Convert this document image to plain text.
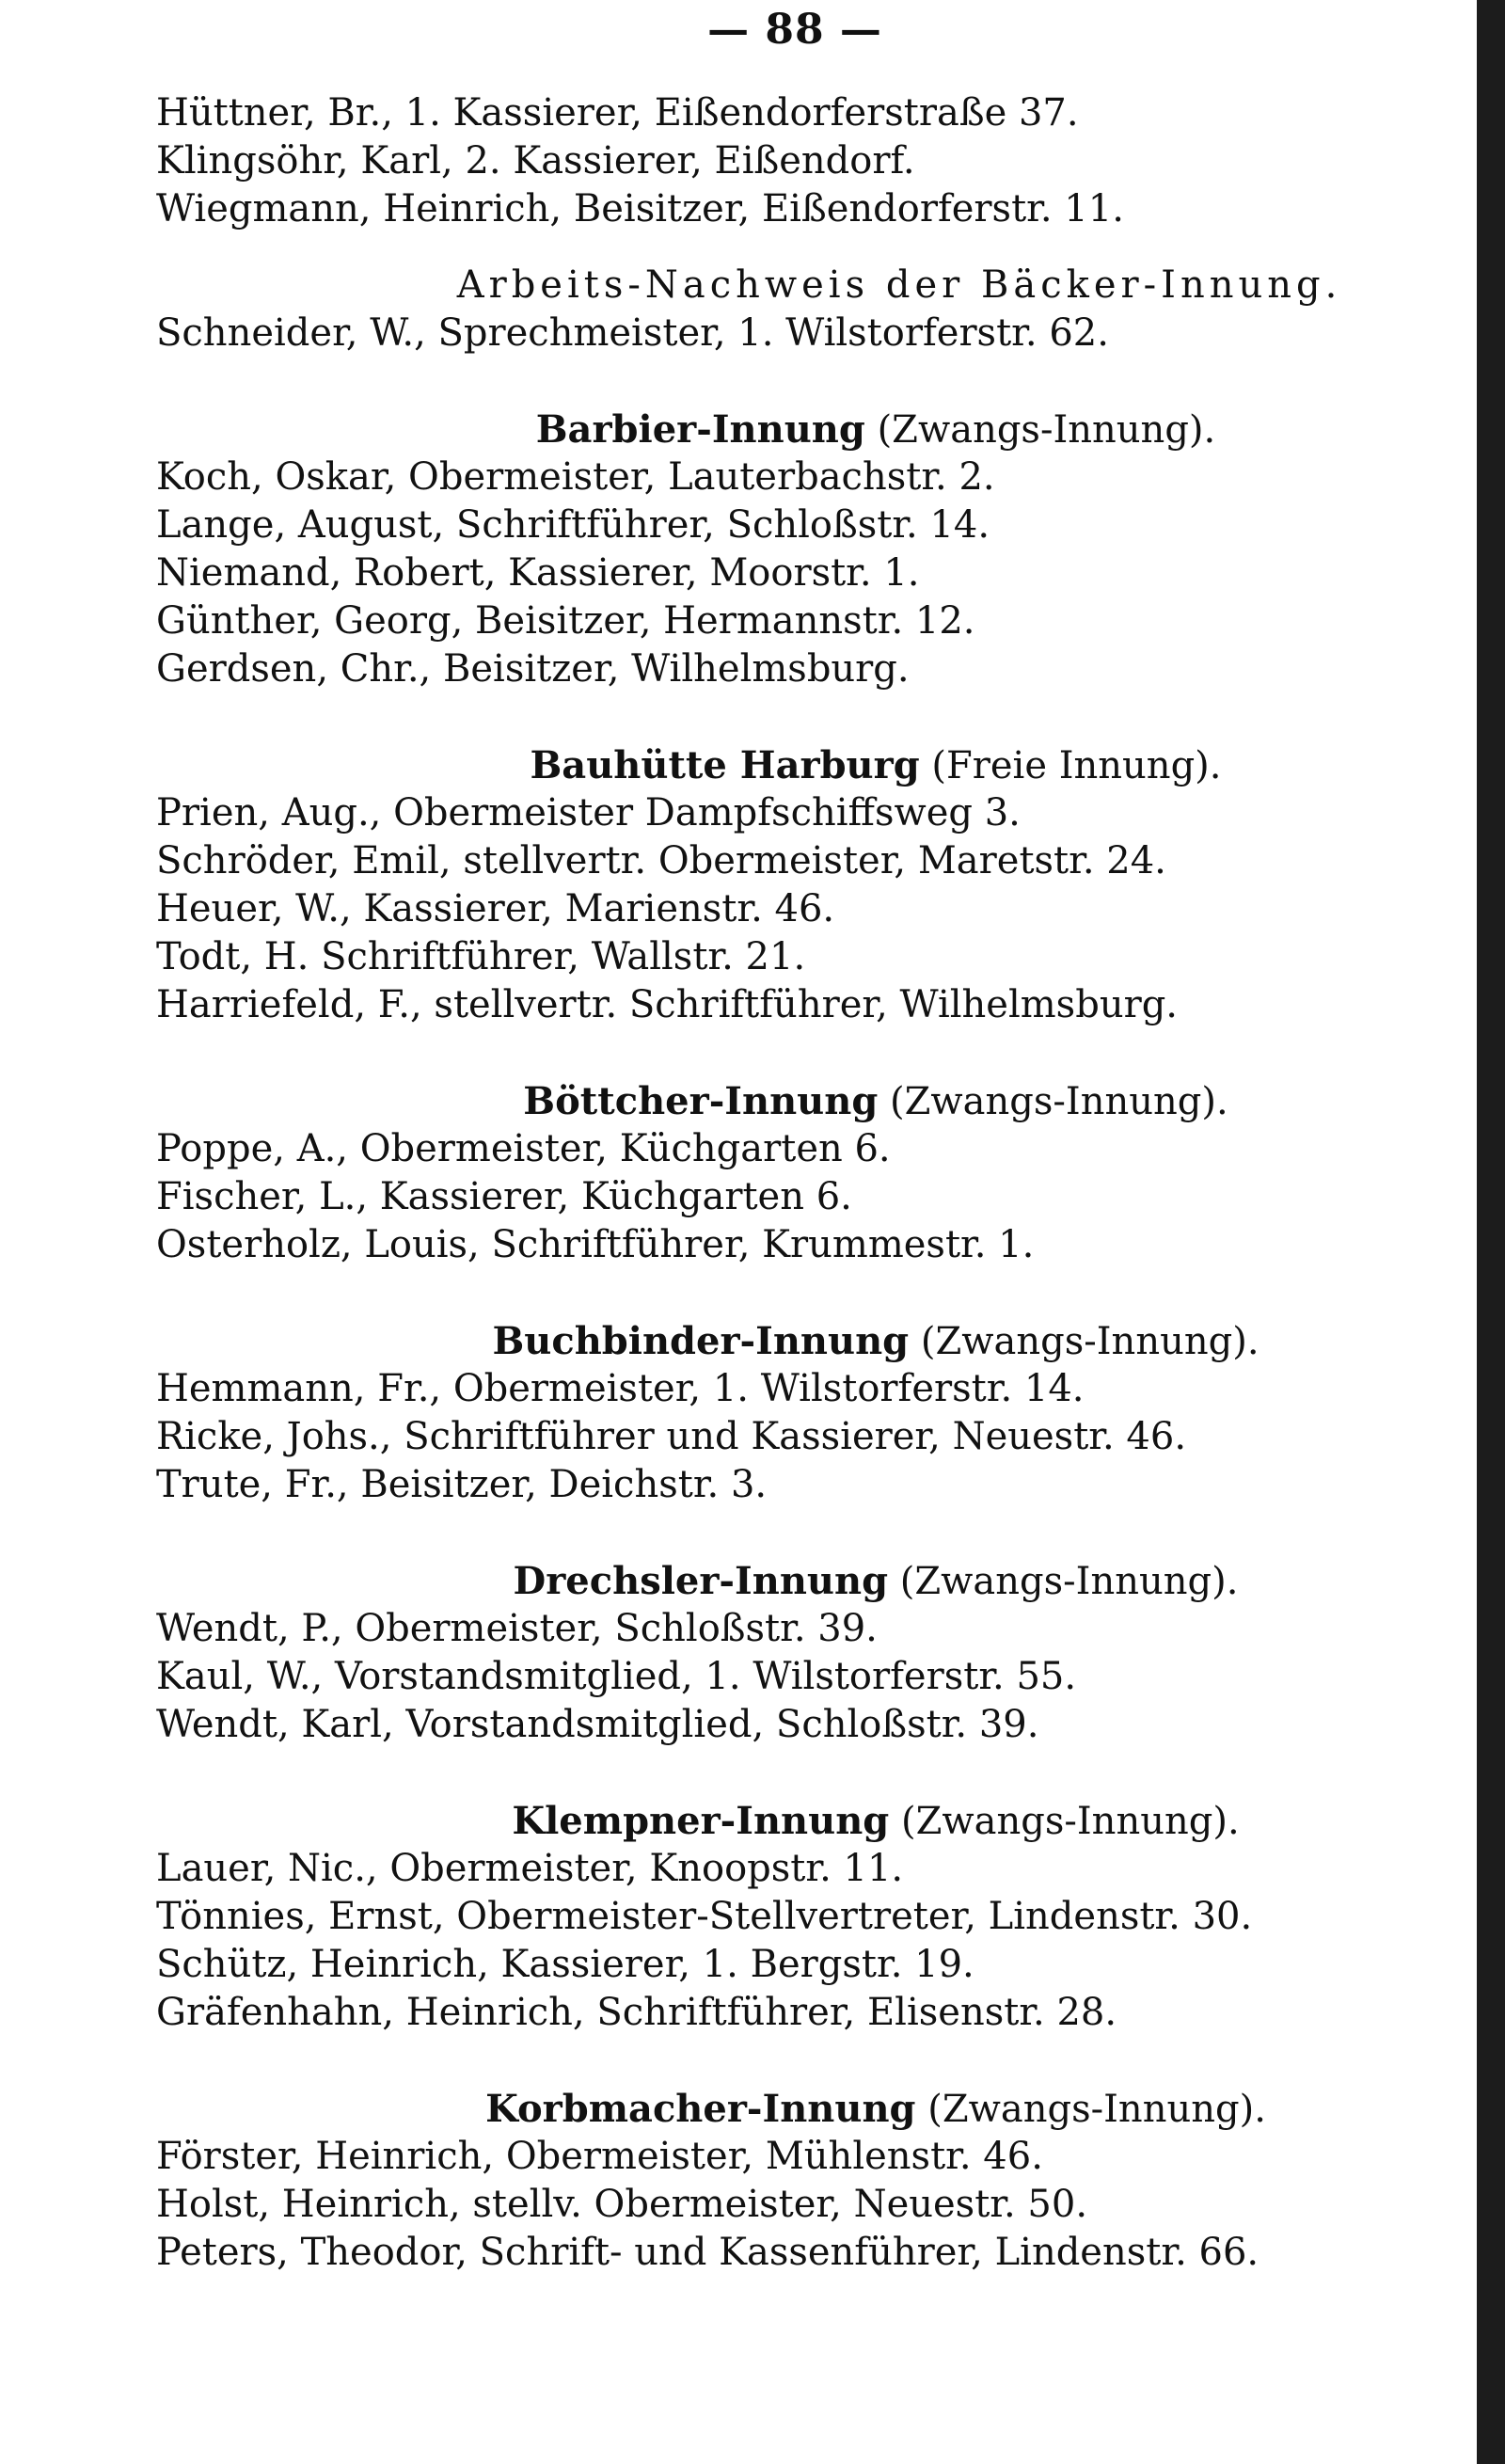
— 88 —
Hüttner, Br., 1. Kassierer, Eißendorferstraße 37.
Klingsöhr, Karl, 2. Kassierer, Eißendorf.
Wiegmann, Heinrich, Beisitzer, Eißendorferstr. 11.
Arbeits-Nachweis der Bäcker-Innung.
Schneider, W., Sprechmeister, 1. Wilstorferstr. 62.
Barbier-Innung (Zwangs-Innung).
Koch, Oskar, Obermeister, Lauterbachstr. 2.
Lange, August, Schriftführer, Schloßstr. 14.
Niemand, Robert, Kassierer, Moorstr. 1.
Günther, Georg, Beisitzer, Hermannstr. 12.
Gerdsen, Chr., Beisitzer, Wilhelmsburg.
Bauhütte Harburg (Freie Innung).
Prien, Aug., Obermeister Dampfschiffsweg 3.
Schröder, Emil, stellvertr. Obermeister, Maretstr. 24.
Heuer, W., Kassierer, Marienstr. 46.
Todt, H. Schriftführer, Wallstr. 21.
Harriefeld, F., stellvertr. Schriftführer, Wilhelmsburg.
Böttcher-Innung (Zwangs-Innung).
Poppe, A., Obermeister, Küchgarten 6.
Fischer, L., Kassierer, Küchgarten 6.
Osterholz, Louis, Schriftführer, Krummestr. 1.
Buchbinder-Innung (Zwangs-Innung).
Hemmann, Fr., Obermeister, 1. Wilstorferstr. 14.
Ricke, Johs., Schriftführer und Kassierer, Neuestr. 46.
Trute, Fr., Beisitzer, Deichstr. 3.
Drechsler-Innung (Zwangs-Innung).
Wendt, P., Obermeister, Schloßstr. 39.
Kaul, W., Vorstandsmitglied, 1. Wilstorferstr. 55.
Wendt, Karl, Vorstandsmitglied, Schloßstr. 39.
Klempner-Innung (Zwangs-Innung).
Lauer, Nic., Obermeister, Knoopstr. 11.
Tönnies, Ernst, Obermeister-Stellvertreter, Lindenstr. 30.
Schütz, Heinrich, Kassierer, 1. Bergstr. 19.
Gräfenhahn, Heinrich, Schriftführer, Elisenstr. 28.
Korbmacher-Innung (Zwangs-Innung).
Förster, Heinrich, Obermeister, Mühlenstr. 46.
Holst, Heinrich, stellv. Obermeister, Neuestr. 50.
Peters, Theodor, Schrift- und Kassenführer, Lindenstr. 66.
